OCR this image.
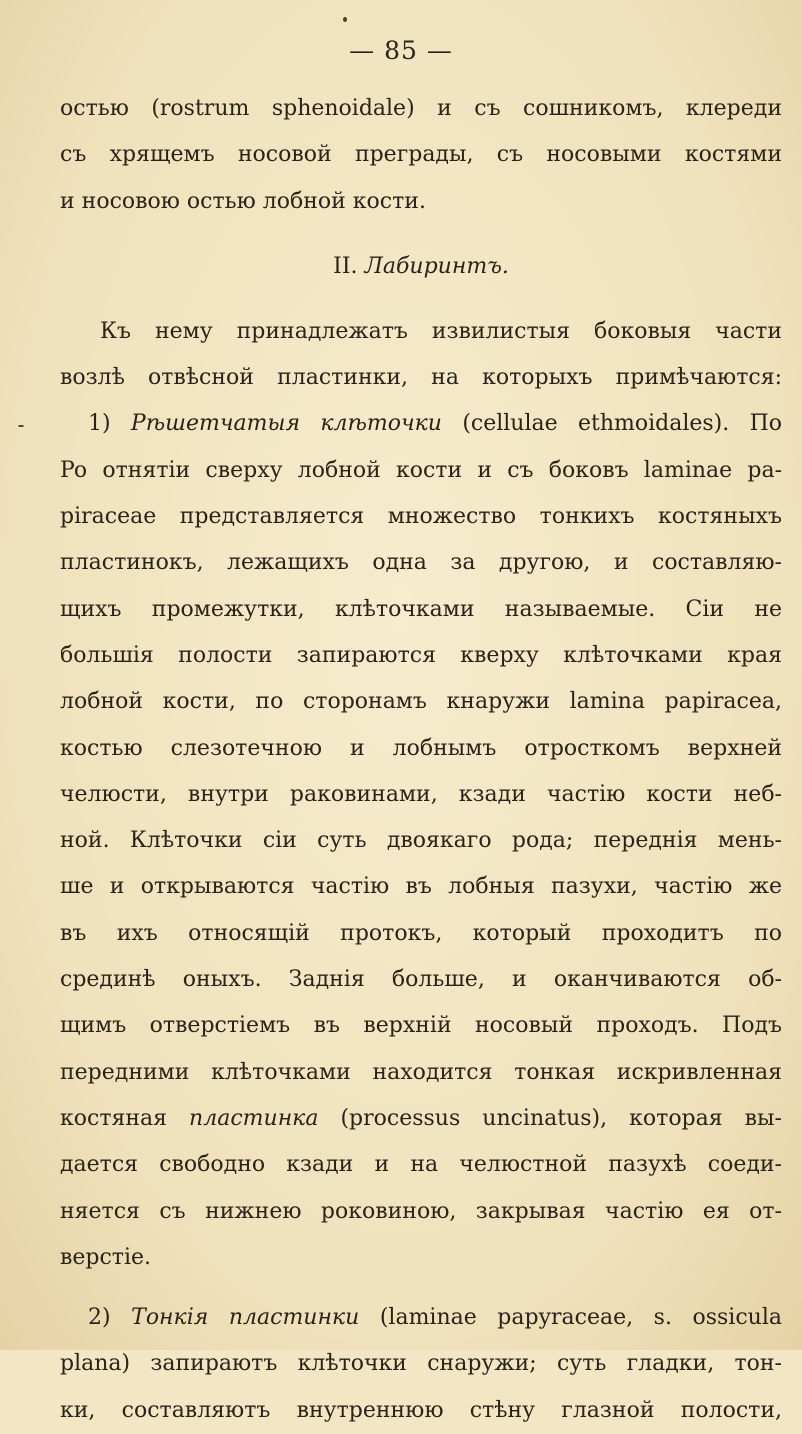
— 85 —
остью (rostrum sphenoidale) и съ сошникомъ, клереди
съ хрящемъ носовой преграды, съ носовыми костями
и носовою остью лобной кости.
II. Лабиринтъ.
Къ нему принадлежатъ извилистыя боковыя части
возлѣ отвѣсной пластинки, на которыхъ примѣчаются:
1) Рѣшетчатыя клѣточки (cellulae ethmoidales). По
Po отнятіи сверху лобной кости и съ боковъ laminae pa-
piraceae представляется множество тонкихъ костяныхъ
пластинокъ, лежащихъ одна за другою, и составляю-
щихъ промежутки, клѣточками называемые. Сіи не
большія полости запираются кверху клѣточками края
лобной кости, по сторонамъ кнаружи lamina papiracea,
костью слезотечною и лобнымъ отросткомъ верхней
челюсти, внутри раковинами, кзади частію кости неб-
ной. Клѣточки сіи суть двоякаго рода; переднія мень-
ше и открываются частію въ лобныя пазухи, частію же
въ ихъ относящій протокъ, который проходитъ по
срединѣ оныхъ. Заднія больше, и оканчиваются об-
щимъ отверстіемъ въ верхній носовый проходъ. Подъ
передними клѣточками находится тонкая искривленная
костяная пластинка (processus uncinatus), которая вы-
дается свободно кзади и на челюстной пазухѣ соеди-
няется съ нижнею роковиною, закрывая частію ея от-
верстіе.
2) Тонкія пластинки (laminae papyraceae, s. ossicula
plana) запираютъ клѣточки снаружи; суть гладки, тон-
ки, составляютъ внутреннюю стѣну глазной полости,
